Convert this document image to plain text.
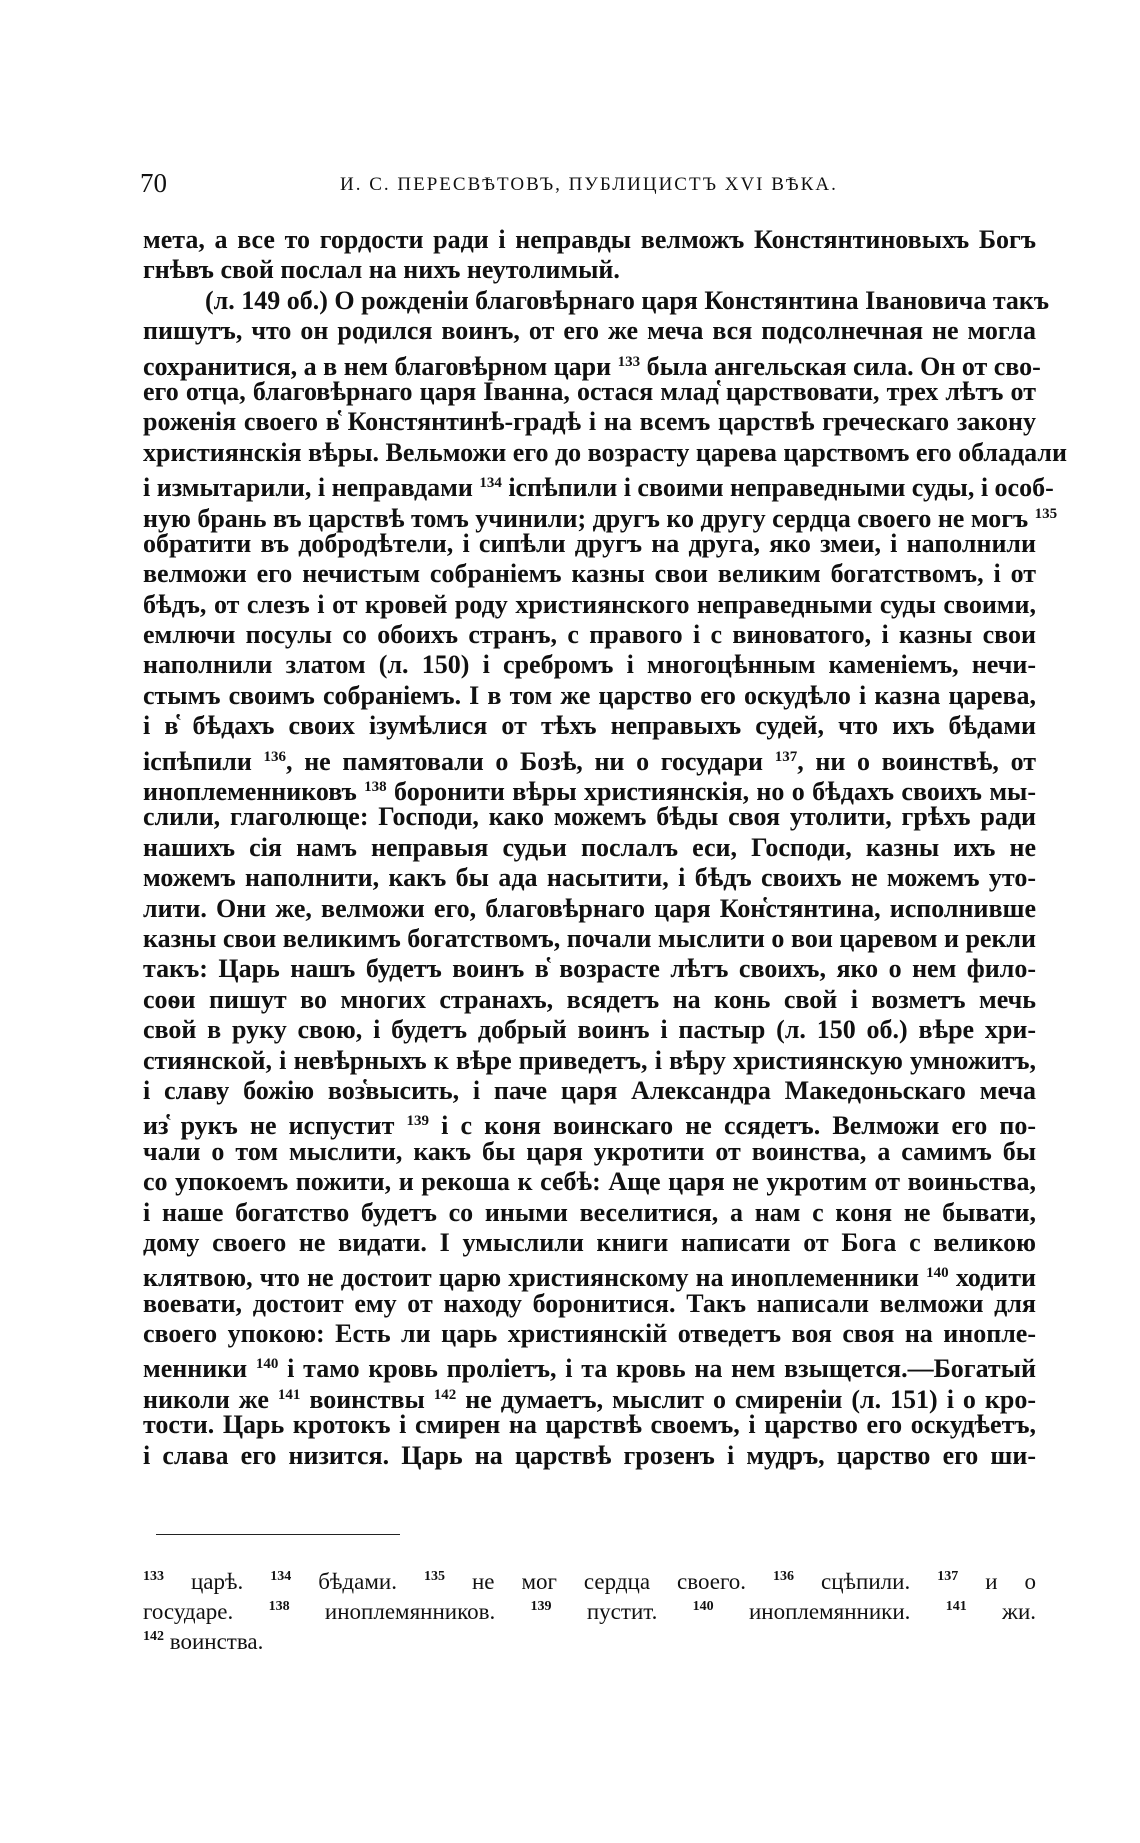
70	И. С. ПЕРЕСВѢТОВЪ, ПУБЛИЦИСТЪ XVI ВѢКА.
мета, а все то гордости ради і неправды велможъ Констянтиновыхъ Богъ
гнѣвъ свой послал на нихъ неутолимый.
(л. 149 об.) О рожденіи благовѣрнаго царя Констянтина Івановича такъ
пишутъ, что он родился воинъ, от его же меча вся подсолнечная не могла
сохранитися, а в нем благовѣрном цари $^{133}$ была ангельская сила. Он от сво-
его отца, благовѣрнаго царя Іванна, остася млад҅ царствовати, трех лѣтъ от
роженія своего в҅ Констянтинѣ-градѣ і на всемъ царствѣ греческаго закону
християнскія вѣры. Вельможи его до возрасту царева царствомъ его обладали
і измытарили, і неправдами $^{134}$ іспѣпили і своими неправедными суды, і особ-
ную брань въ царствѣ томъ учинили; другъ ко другу сердца своего не могъ $^{135}$
обратити въ добродѣтели, і сипѣли другъ на друга, яко змеи, і наполнили
велможи его нечистым собраніемъ казны свои великим богатствомъ, і от
бѣдъ, от слезъ і от кровей роду християнского неправедными суды своими,
емлючи посулы со обоихъ странъ, с правого і с виноватого, і казны свои
наполнили златом (л. 150) і сребромъ і многоцѣнным каменіемъ, нечи-
стымъ своимъ собраніемъ. І в том же царство его оскудѣло і казна царева,
і в҅ бѣдахъ своих ізумѣлися от тѣхъ неправыхъ судей, что ихъ бѣдами
іспѣпили $^{136}$, не памятовали о Бозѣ, ни о государи $^{137}$, ни о воинствѣ, от
иноплеменниковъ $^{138}$ боронити вѣры християнскія, но о бѣдахъ своихъ мы-
слили, глаголюще: Господи, како можемъ бѣды своя утолити, грѣхъ ради
нашихъ сія намъ неправыя судьи послалъ еси, Господи, казны ихъ не
можемъ наполнити, какъ бы ада насытити, і бѣдъ своихъ не можемъ уто-
лити. Они же, велможи его, благовѣрнаго царя Кон҅стянтина, исполнивше
казны свои великимъ богатствомъ, почали мыслити о вои царевом и рекли
такъ: Царь нашъ будетъ воинъ в҅ возрасте лѣтъ своихъ, яко о нем фило-
соѳи пишут во многих странахъ, всядетъ на конь свой і возметъ мечь
свой в руку свою, і будетъ добрый воинъ і пастыр (л. 150 об.) вѣре хри-
стиянской, і невѣрныхъ к вѣре приведетъ, і вѣру християнскую умножитъ,
і славу божію воз҅высить, і паче царя Александра Македоньскаго меча
из҅ рукъ не испустит $^{139}$ і с коня воинскаго не ссядетъ. Велможи его по-
чали о том мыслити, какъ бы царя укротити от воинства, а самимъ бы
со упокоемъ пожити, и рекоша к себѣ: Аще царя не укротим от воиньства,
і наше богатство будетъ со иными веселитися, а нам с коня не бывати,
дому своего не видати. І умыслили книги написати от Бога с великою
клятвою, что не достоит царю християнскому на иноплеменники $^{140}$ ходити
воевати, достоит ему от находу боронитися. Такъ написали велможи для
своего упокою: Есть ли царь християнскій отведетъ воя своя на инопле-
менники $^{140}$ і тамо кровь проліетъ, і та кровь на нем взыщется.—Богатый
николи же $^{141}$ воинствы $^{142}$ не думаетъ, мыслит о смиреніи (л. 151) і о кро-
тости. Царь кротокъ і смирен на царствѣ своемъ, і царство его оскудѣетъ,
і слава его низится. Царь на царствѣ грозенъ і мудръ, царство его ши-
$^{133}$ царѣ. $^{134}$ бѣдами. $^{135}$ не мог сердца своего. $^{136}$ сцѣпили. $^{137}$ и о
государе. $^{138}$ иноплемянников. $^{139}$ пустит. $^{140}$ иноплемянники. $^{141}$ жи.
$^{142}$ воинства.
